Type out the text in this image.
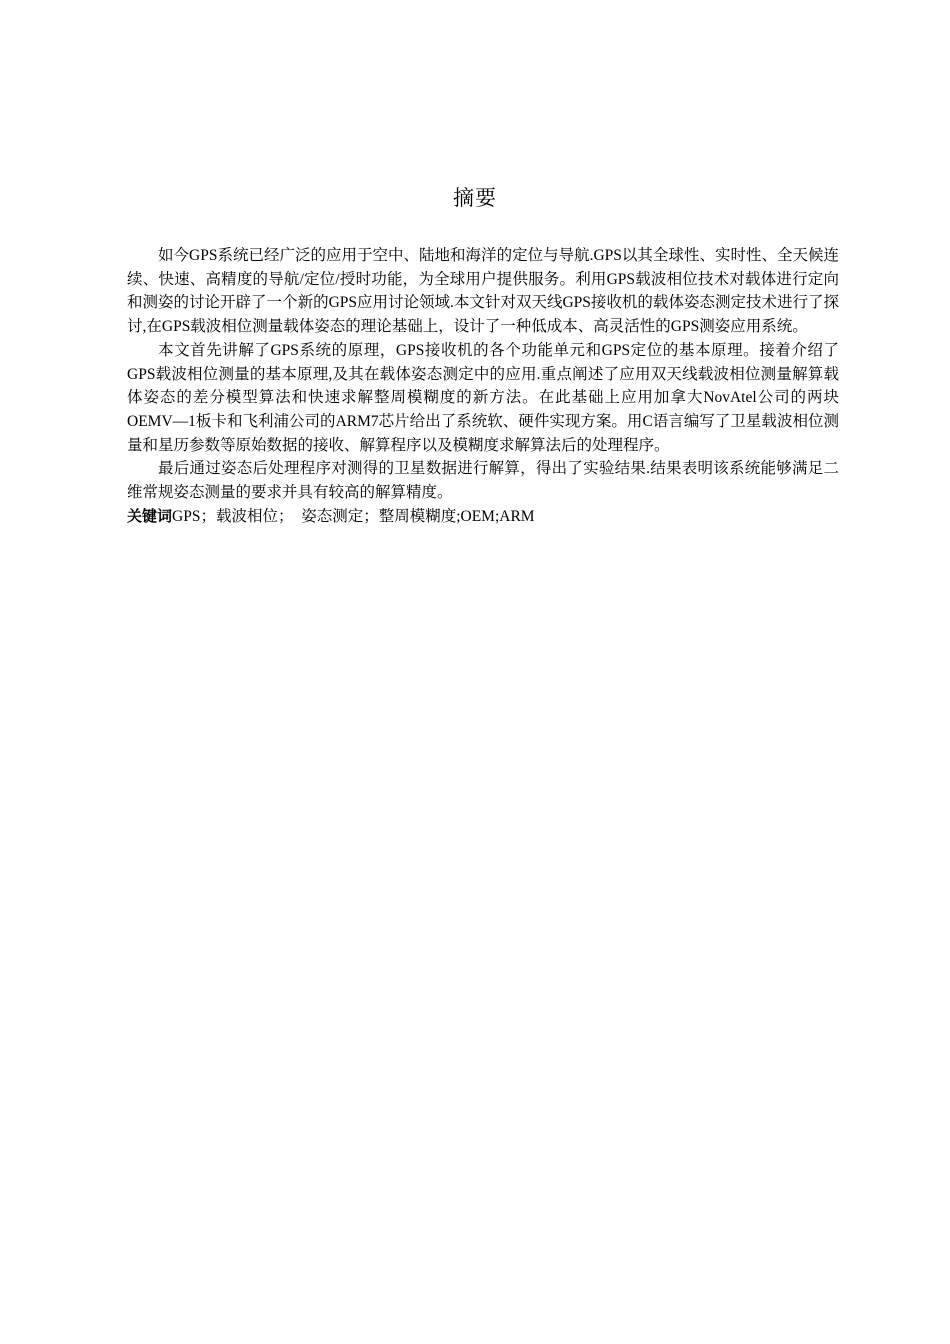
摘要

如今GPS系统已经广泛的应用于空中、陆地和海洋的定位与导航.GPS以其全球性、实时性、全天候连续、快速、高精度的导航/定位/授时功能，为全球用户提供服务。利用GPS载波相位技术对载体进行定向和测姿的讨论开辟了一个新的GPS应用讨论领域.本文针对双天线GPS接收机的载体姿态测定技术进行了探讨,在GPS载波相位测量载体姿态的理论基础上，设计了一种低成本、高灵活性的GPS测姿应用系统。

本文首先讲解了GPS系统的原理，GPS接收机的各个功能单元和GPS定位的基本原理。接着介绍了GPS载波相位测量的基本原理,及其在载体姿态测定中的应用.重点阐述了应用双天线载波相位测量解算载体姿态的差分模型算法和快速求解整周模糊度的新方法。在此基础上应用加拿大NovAtel公司的两块OEMV—1板卡和飞利浦公司的ARM7芯片给出了系统软、硬件实现方案。用C语言编写了卫星载波相位测量和星历参数等原始数据的接收、解算程序以及模糊度求解算法后的处理程序。

最后通过姿态后处理程序对测得的卫星数据进行解算，得出了实验结果.结果表明该系统能够满足二维常规姿态测量的要求并具有较高的解算精度。

关键词GPS；载波相位；　姿态测定；整周模糊度;OEM;ARM
